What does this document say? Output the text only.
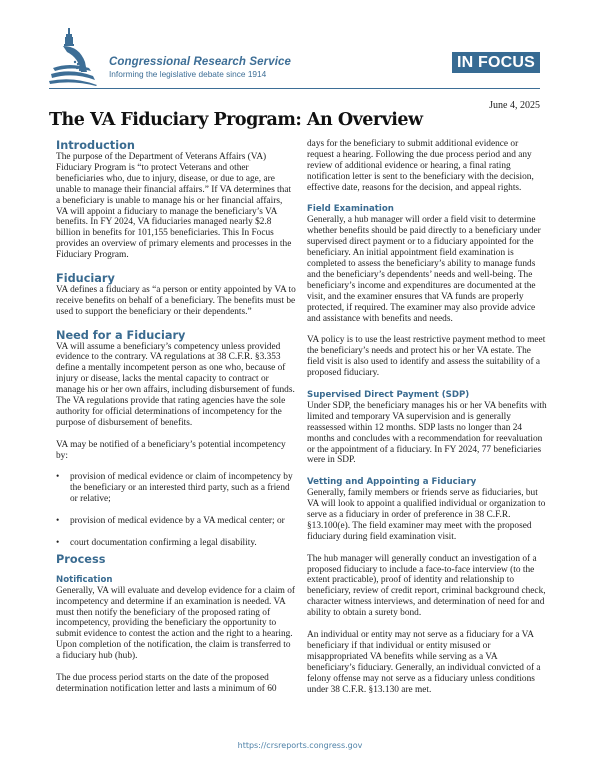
Congressional Research Service
Informing the legislative debate since 1914
IN FOCUS
June 4, 2025
The VA Fiduciary Program: An Overview
Introduction

The purpose of the Department of Veterans Affairs (VA) Fiduciary Program is “to protect Veterans and other beneficiaries who, due to injury, disease, or due to age, are unable to manage their financial affairs.” If VA determines that a beneficiary is unable to manage his or her financial affairs, VA will appoint a fiduciary to manage the beneficiary’s VA benefits. In FY 2024, VA fiduciaries managed nearly $2.8 billion in benefits for 101,155 beneficiaries. This In Focus provides an overview of primary elements and processes in the Fiduciary Program.

Fiduciary

VA defines a fiduciary as “a person or entity appointed by VA to receive benefits on behalf of a beneficiary. The benefits must be used to support the beneficiary or their dependents.”

Need for a Fiduciary

VA will assume a beneficiary’s competency unless provided evidence to the contrary. VA regulations at 38 C.F.R. §3.353 define a mentally incompetent person as one who, because of injury or disease, lacks the mental capacity to contract or manage his or her own affairs, including disbursement of funds. The VA regulations provide that rating agencies have the sole authority for official determinations of incompetency for the purpose of disbursement of benefits.

VA may be notified of a beneficiary’s potential incompetency by:

• provision of medical evidence or claim of incompetency by the beneficiary or an interested third party, such as a friend or relative;
• provision of medical evidence by a VA medical center; or
• court documentation confirming a legal disability.
Process
Notification

Generally, VA will evaluate and develop evidence for a claim of incompetency and determine if an examination is needed. VA must then notify the beneficiary of the proposed rating of incompetency, providing the beneficiary the opportunity to submit evidence to contest the action and the right to a hearing. Upon completion of the notification, the claim is transferred to a fiduciary hub (hub).

The due process period starts on the date of the proposed determination notification letter and lasts a minimum of 60

days for the beneficiary to submit additional evidence or request a hearing. Following the due process period and any review of additional evidence or hearing, a final rating notification letter is sent to the beneficiary with the decision, effective date, reasons for the decision, and appeal rights.

Field Examination

Generally, a hub manager will order a field visit to determine whether benefits should be paid directly to a beneficiary under supervised direct payment or to a fiduciary appointed for the beneficiary. An initial appointment field examination is completed to assess the beneficiary’s ability to manage funds and the beneficiary’s dependents’ needs and well-being. The beneficiary’s income and expenditures are documented at the visit, and the examiner ensures that VA funds are properly protected, if required. The examiner may also provide advice and assistance with benefits and needs.

VA policy is to use the least restrictive payment method to meet the beneficiary’s needs and protect his or her VA estate. The field visit is also used to identify and assess the suitability of a proposed fiduciary.

Supervised Direct Payment (SDP)

Under SDP, the beneficiary manages his or her VA benefits with limited and temporary VA supervision and is generally reassessed within 12 months. SDP lasts no longer than 24 months and concludes with a recommendation for reevaluation or the appointment of a fiduciary. In FY 2024, 77 beneficiaries were in SDP.

Vetting and Appointing a Fiduciary

Generally, family members or friends serve as fiduciaries, but VA will look to appoint a qualified individual or organization to serve as a fiduciary in order of preference in 38 C.F.R. §13.100(e). The field examiner may meet with the proposed fiduciary during field examination visit.

The hub manager will generally conduct an investigation of a proposed fiduciary to include a face-to-face interview (to the extent practicable), proof of identity and relationship to beneficiary, review of credit report, criminal background check, character witness interviews, and determination of need for and ability to obtain a surety bond.

An individual or entity may not serve as a fiduciary for a VA beneficiary if that individual or entity misused or misappropriated VA benefits while serving as a VA beneficiary’s fiduciary. Generally, an individual convicted of a felony offense may not serve as a fiduciary unless conditions under 38 C.F.R. §13.130 are met.

https://crsreports.congress.gov
